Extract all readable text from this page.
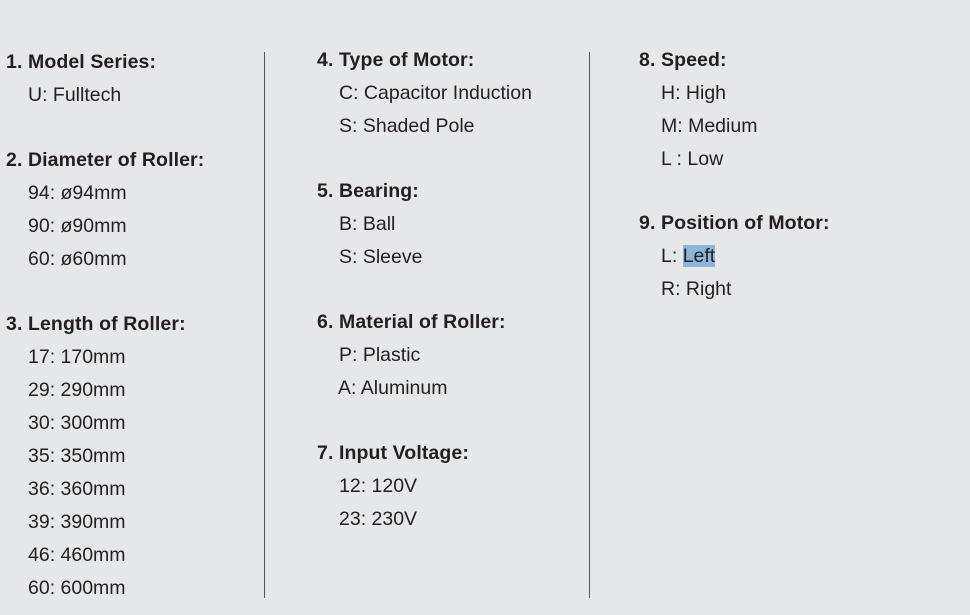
1. Model Series:
U: Fulltech
2. Diameter of Roller:
94: ø94mm
90: ø90mm
60: ø60mm
3. Length of Roller:
17: 170mm
29: 290mm
30: 300mm
35: 350mm
36: 360mm
39: 390mm
46: 460mm
60: 600mm
4. Type of Motor:
C: Capacitor Induction
S: Shaded Pole
5. Bearing:
B: Ball
S: Sleeve
6. Material of Roller:
P: Plastic
A: Aluminum
7. Input Voltage:
12: 120V
23: 230V
8. Speed:
H: High
M: Medium
L : Low
9. Position of Motor:
L: Left
R: Right
